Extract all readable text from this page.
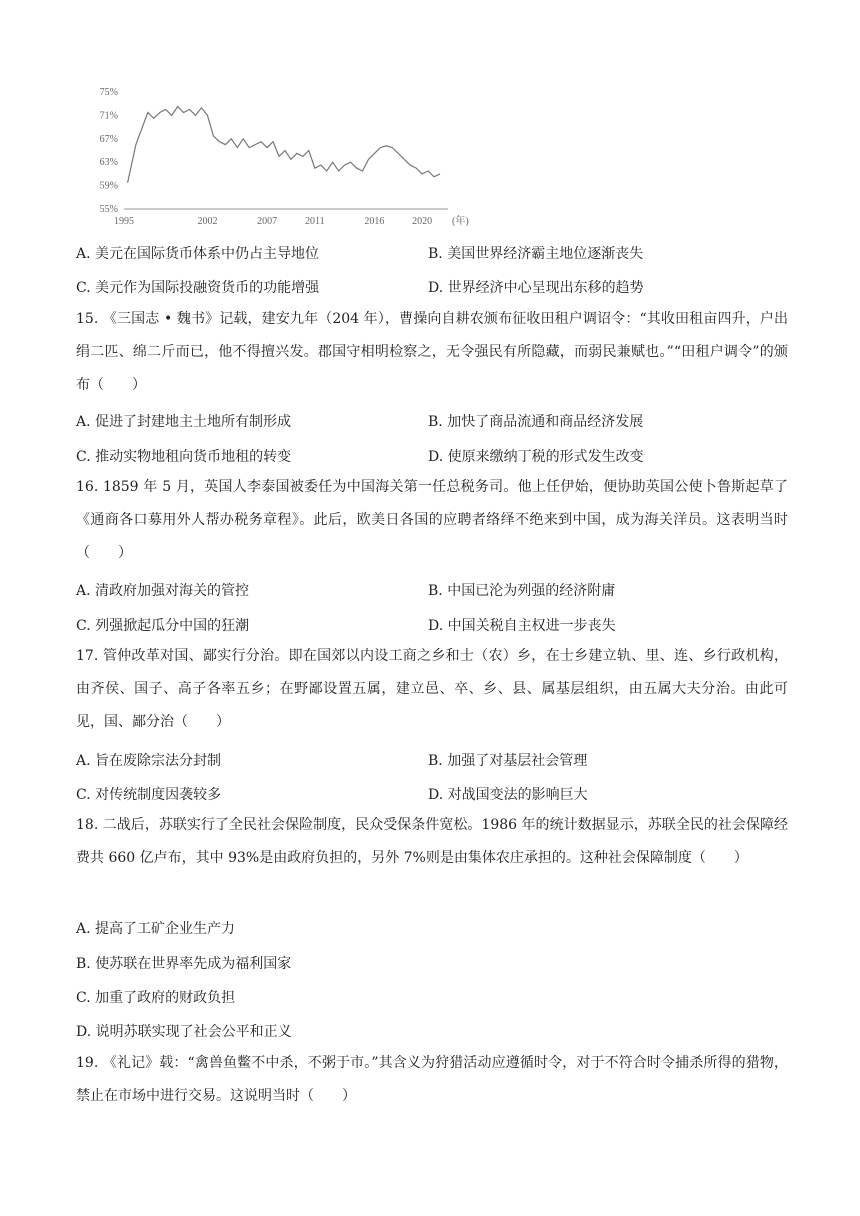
75%
71%
67%
63%
59%
55%
1995	2002	2007	2011	2016	2020 (年)
A. 美元在国际货币体系中仍占主导地位	B. 美国世界经济霸主地位逐渐丧失
C. 美元作为国际投融资货币的功能增强	D. 世界经济中心呈现出东移的趋势

15. 《三国志 • 魏书》记载，建安九年（204 年），曹操向自耕农颁布征收田租户调诏令：“其收田租亩四升，户出绢二匹、绵二斤而已，他不得擅兴发。郡国守相明检察之，无令强民有所隐藏，而弱民兼赋也。”“田租户调令”的颁布（　　）

A. 促进了封建地主土地所有制形成	B. 加快了商品流通和商品经济发展
C. 推动实物地租向货币地租的转变	D. 使原来缴纳丁税的形式发生改变

16. 1859 年 5 月，英国人李泰国被委任为中国海关第一任总税务司。他上任伊始，便协助英国公使卜鲁斯起草了《通商各口募用外人帮办税务章程》。此后，欧美日各国的应聘者络绎不绝来到中国，成为海关洋员。这表明当时（　　）

A. 清政府加强对海关的管控	B. 中国已沦为列强的经济附庸
C. 列强掀起瓜分中国的狂潮	D. 中国关税自主权进一步丧失

17. 管仲改革对国、鄙实行分治。即在国郊以内设工商之乡和士（农）乡，在士乡建立轨、里、连、乡行政机构，由齐侯、国子、高子各率五乡；在野鄙设置五属，建立邑、卒、乡、县、属基层组织，由五属大夫分治。由此可见，国、鄙分治（　　）

A. 旨在废除宗法分封制	B. 加强了对基层社会管理
C. 对传统制度因袭较多	D. 对战国变法的影响巨大

18. 二战后，苏联实行了全民社会保险制度，民众受保条件宽松。1986 年的统计数据显示，苏联全民的社会保障经费共 660 亿卢布，其中 93%是由政府负担的，另外 7%则是由集体农庄承担的。这种社会保障制度（　　）

A. 提高了工矿企业生产力
B. 使苏联在世界率先成为福利国家
C. 加重了政府的财政负担
D. 说明苏联实现了社会公平和正义

19. 《礼记》载：“禽兽鱼鳖不中杀，不粥于市。”其含义为狩猎活动应遵循时令，对于不符合时令捕杀所得的猎物，禁止在市场中进行交易。这说明当时（　　）
